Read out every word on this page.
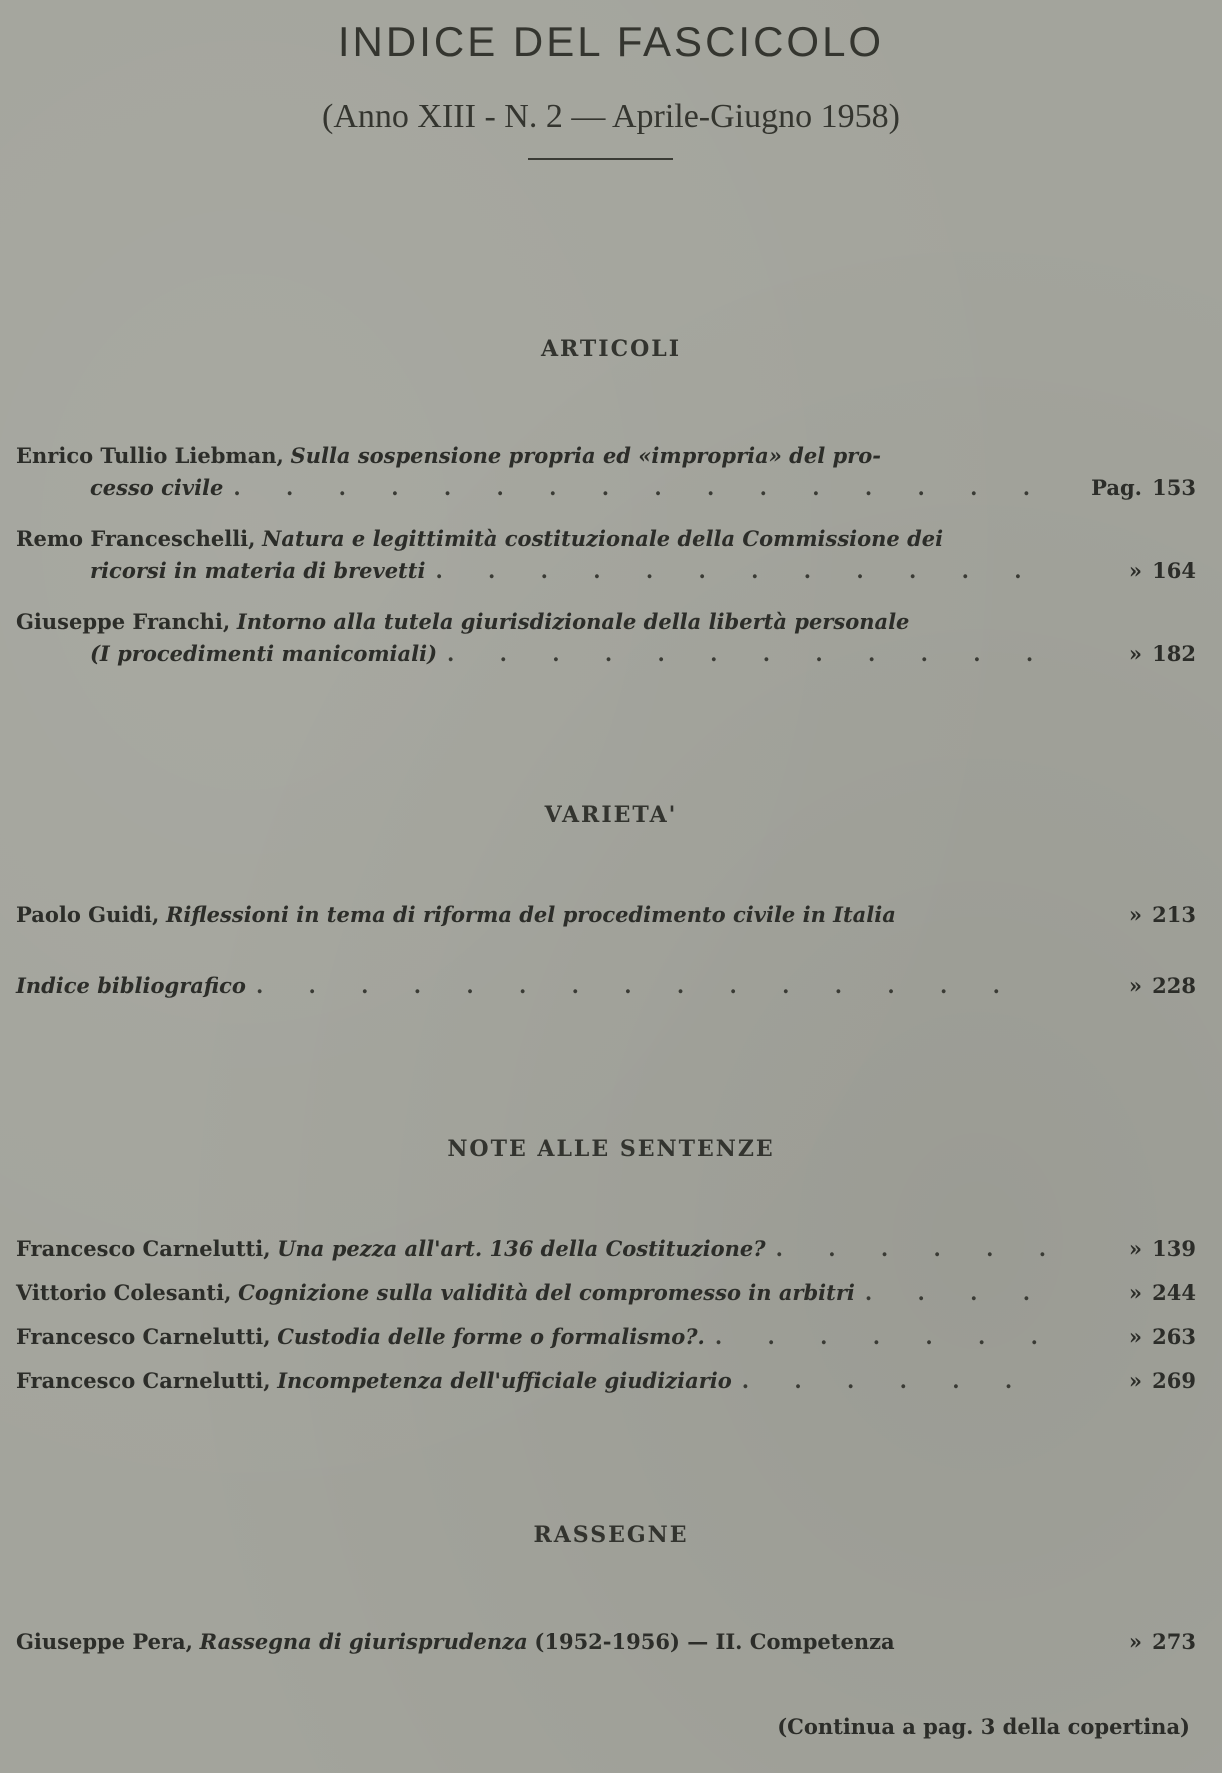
INDICE DEL FASCICOLO
(Anno XIII - N. 2 — Aprile-Giugno 1958)
ARTICOLI
Enrico Tullio Liebman,
Sulla sospensione propria ed «impropria» del pro-
cesso civile . . .	Pag. 153
Remo Franceschelli,
Natura e legittimità costituzionale della Commissione dei
ricorsi in materia di brevetti . . .	» 164
Giuseppe Franchi,
Intorno alla tutela giurisdizionale della libertà personale
(I procedimenti manicomiali) . . .	» 182
VARIETA'
Paolo Guidi,
Riflessioni in tema di riforma del procedimento civile in Italia	» 213
Indice bibliografico . . .	» 228
NOTE ALLE SENTENZE
Francesco Carnelutti,
Una pezza all'art. 136 della Costituzione? . . .	» 139
Vittorio Colesanti,
Cognizione sulla validità del compromesso in arbitri . . .	» 244
Francesco Carnelutti,
Custodia delle forme o formalismo?. . . .	» 263
Francesco Carnelutti,
Incompetenza dell'ufficiale giudiziario . . .	» 269
RASSEGNE
Giuseppe Pera,
Rassegna di giurisprudenza
(1952-1956) — II. Competenza	» 273
(Continua a pag. 3 della copertina)
